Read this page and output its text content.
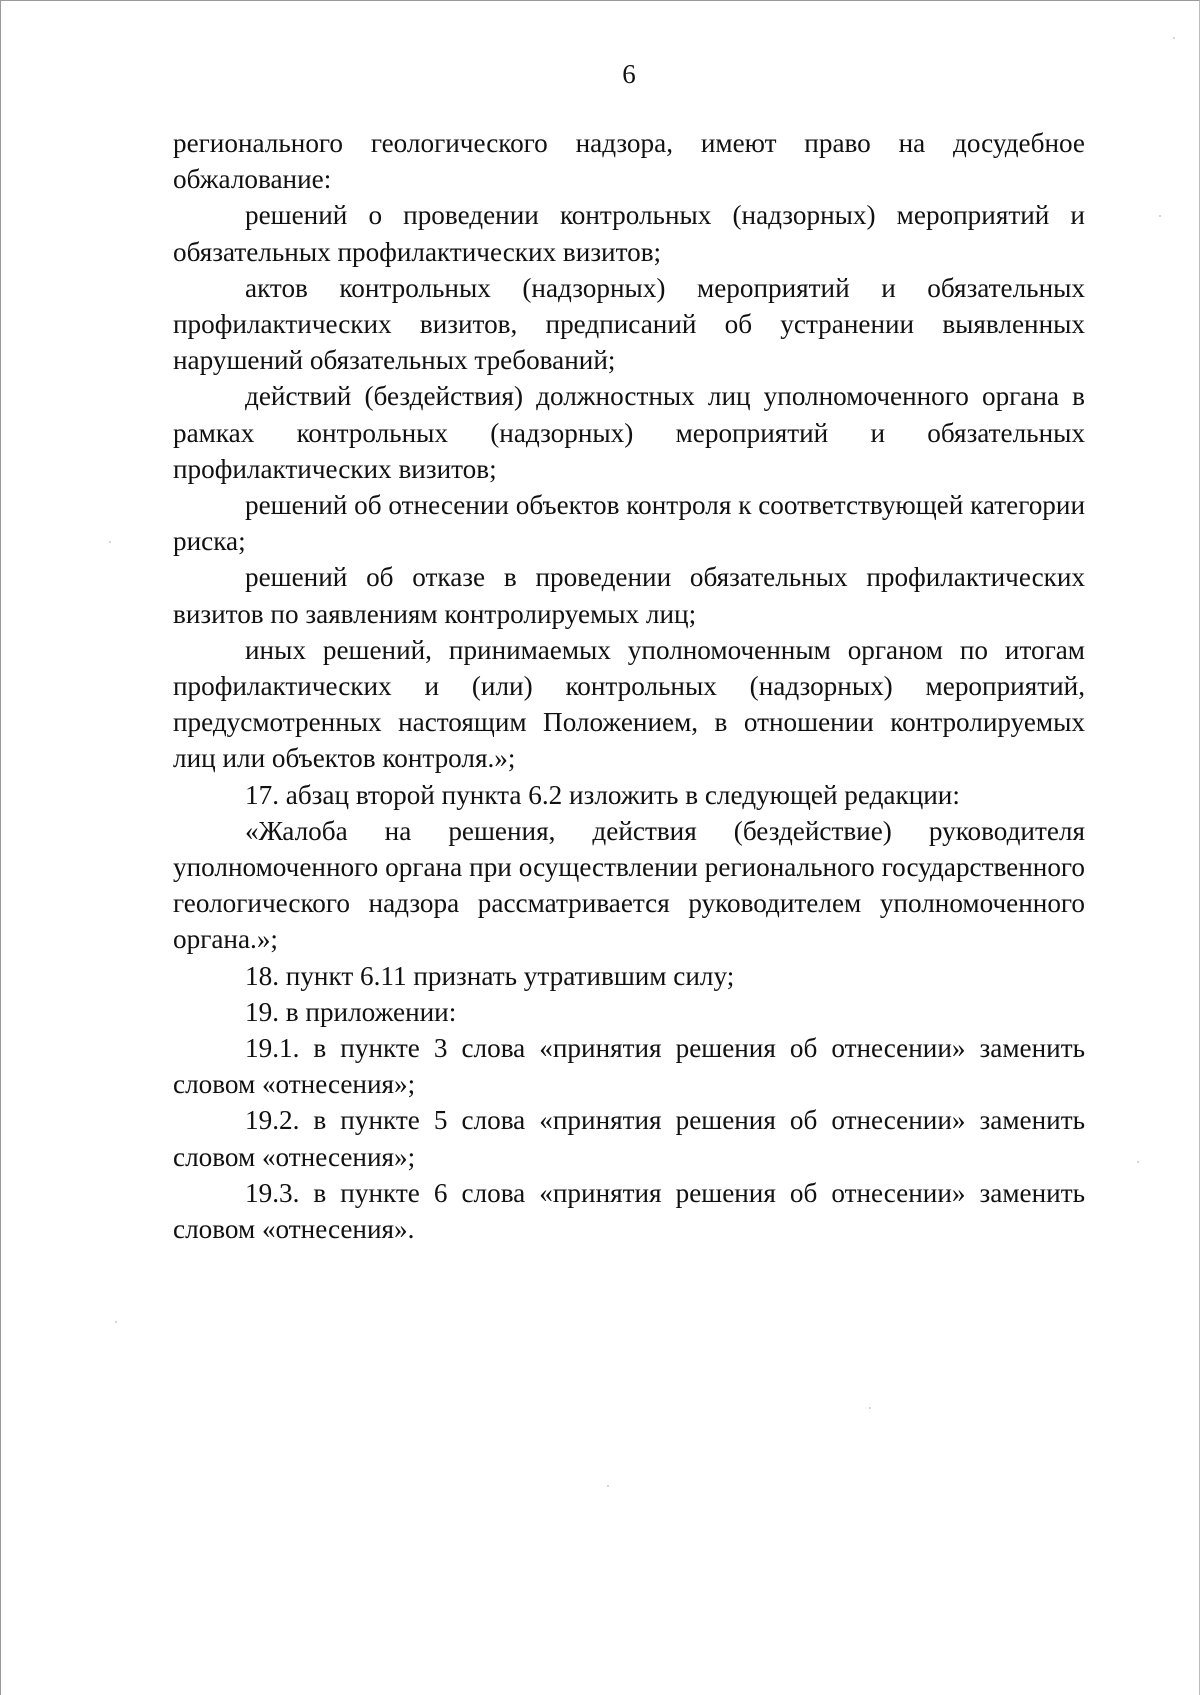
6

регионального геологического надзора, имеют право на досудебное обжалование:

решений о проведении контрольных (надзорных) мероприятий и обязательных профилактических визитов;

актов контрольных (надзорных) мероприятий и обязательных профилактических визитов, предписаний об устранении выявленных нарушений обязательных требований;

действий (бездействия) должностных лиц уполномоченного органа в рамках контрольных (надзорных) мероприятий и обязательных профилактических визитов;

решений об отнесении объектов контроля к соответствующей категории риска;

решений об отказе в проведении обязательных профилактических визитов по заявлениям контролируемых лиц;

иных решений, принимаемых уполномоченным органом по итогам профилактических и (или) контрольных (надзорных) мероприятий, предусмотренных настоящим Положением, в отношении контролируемых лиц или объектов контроля.»;

17. абзац второй пункта 6.2 изложить в следующей редакции:

«Жалоба на решения, действия (бездействие) руководителя уполномоченного органа при осуществлении регионального государственного геологического надзора рассматривается руководителем уполномоченного органа.»;

18. пункт 6.11 признать утратившим силу;

19. в приложении:

19.1. в пункте 3 слова «принятия решения об отнесении» заменить словом «отнесения»;

19.2. в пункте 5 слова «принятия решения об отнесении» заменить словом «отнесения»;

19.3. в пункте 6 слова «принятия решения об отнесении» заменить словом «отнесения».
